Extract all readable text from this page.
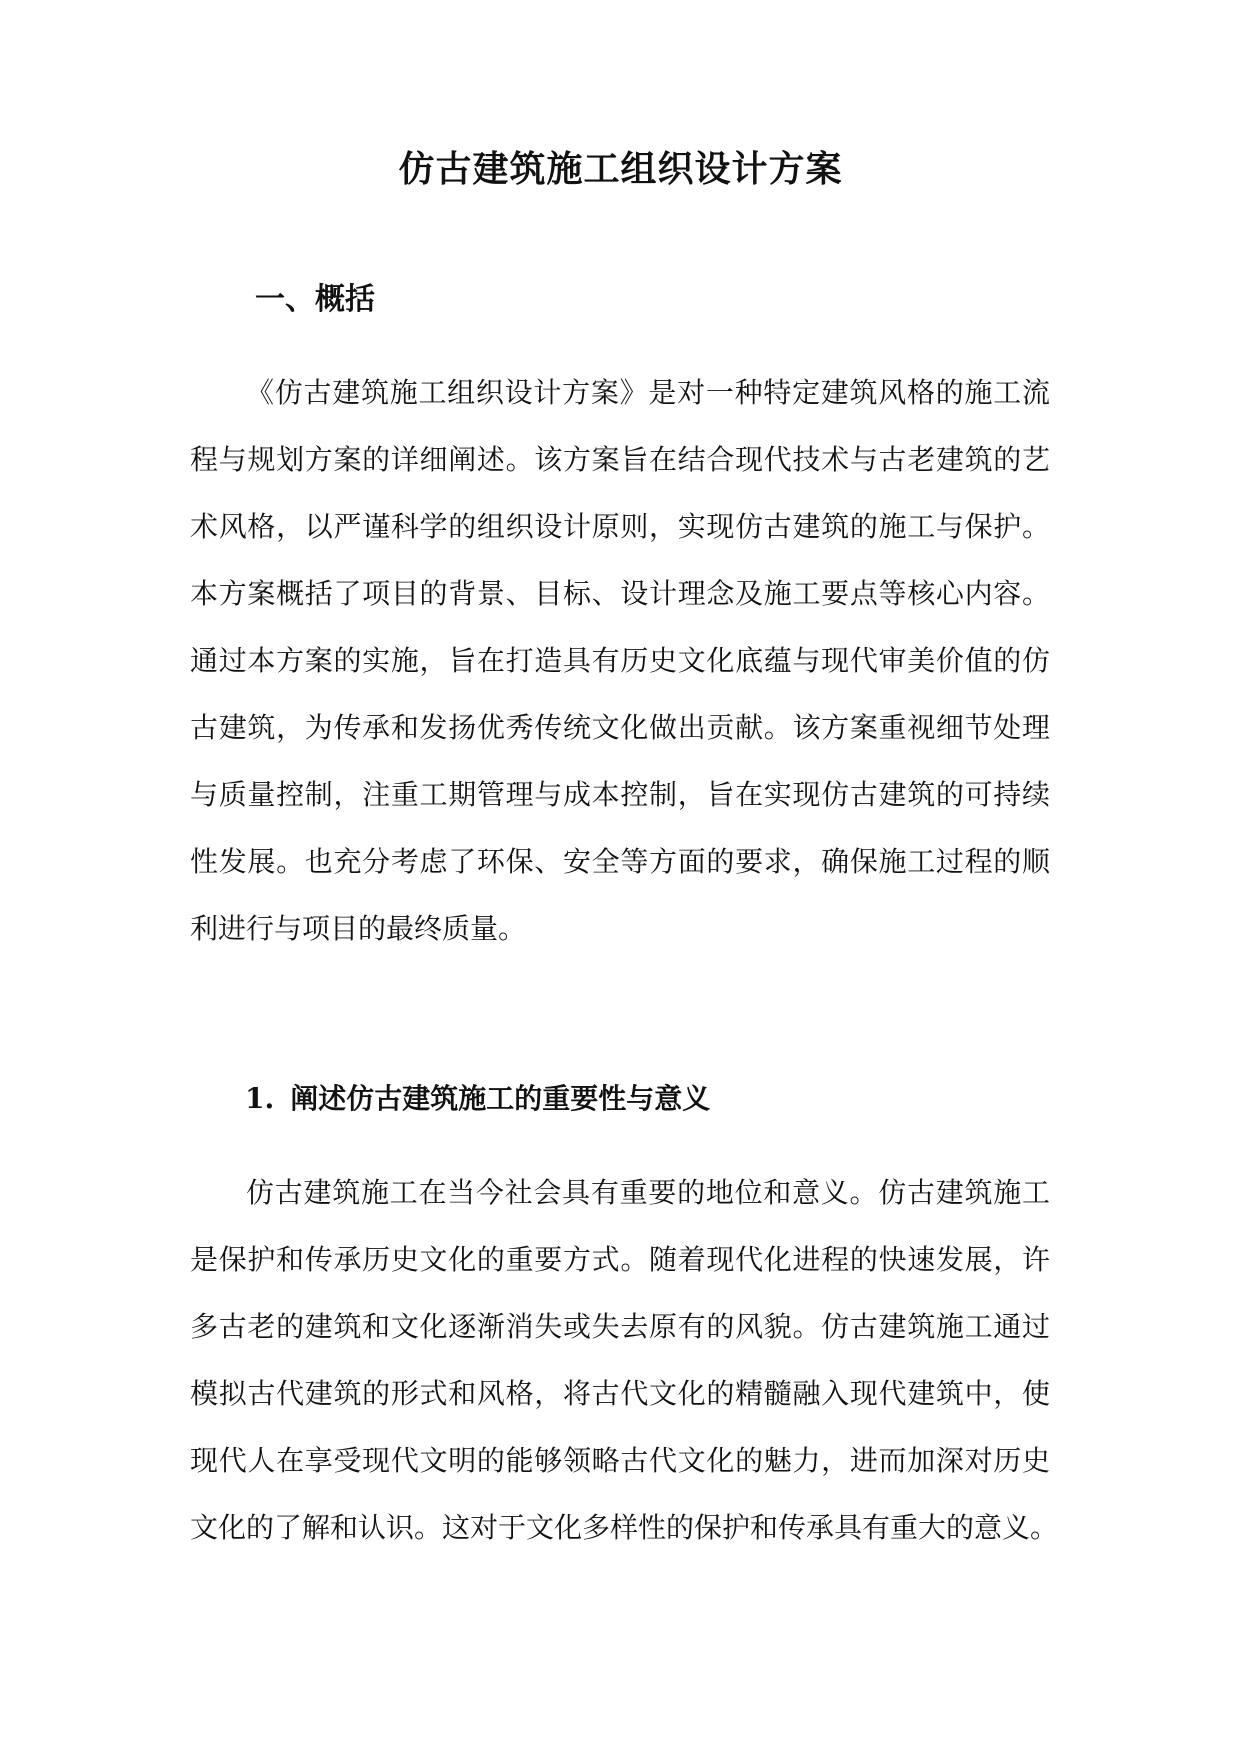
仿古建筑施工组织设计方案
一、概括
《仿古建筑施工组织设计方案》是对一种特定建筑风格的施工流
程与规划方案的详细阐述。该方案旨在结合现代技术与古老建筑的艺
术风格，以严谨科学的组织设计原则，实现仿古建筑的施工与保护。
本方案概括了项目的背景、目标、设计理念及施工要点等核心内容。
通过本方案的实施，旨在打造具有历史文化底蕴与现代审美价值的仿
古建筑，为传承和发扬优秀传统文化做出贡献。该方案重视细节处理
与质量控制，注重工期管理与成本控制，旨在实现仿古建筑的可持续
性发展。也充分考虑了环保、安全等方面的要求，确保施工过程的顺
利进行与项目的最终质量。
1. 阐述仿古建筑施工的重要性与意义
仿古建筑施工在当今社会具有重要的地位和意义。仿古建筑施工
是保护和传承历史文化的重要方式。随着现代化进程的快速发展，许
多古老的建筑和文化逐渐消失或失去原有的风貌。仿古建筑施工通过
模拟古代建筑的形式和风格，将古代文化的精髓融入现代建筑中，使
现代人在享受现代文明的能够领略古代文化的魅力，进而加深对历史
文化的了解和认识。这对于文化多样性的保护和传承具有重大的意义。
